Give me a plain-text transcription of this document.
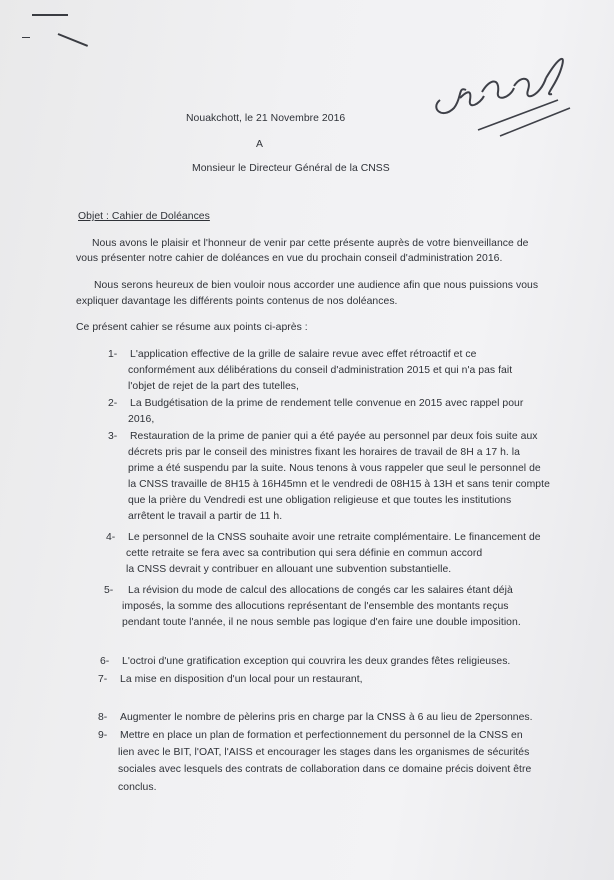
Nouakchott, le 21 Novembre 2016
A
Monsieur le Directeur Général de la CNSS
Objet : Cahier de Doléances
Nous avons le plaisir et l'honneur de venir par cette présente auprès de votre bienveillance de
vous présenter notre cahier de doléances en vue du prochain conseil d'administration 2016.
Nous serons heureux de bien vouloir nous accorder une audience afin que nous puissions vous
expliquer davantage les différents points contenus de nos doléances.
Ce présent cahier se résume aux points ci-après :
1- L'application effective de la grille de salaire revue avec effet rétroactif et ce
conformément aux délibérations du conseil d'administration 2015 et qui n'a pas fait
l'objet de rejet de la part des tutelles,
2- La Budgétisation de la prime de rendement telle convenue en 2015 avec rappel pour
2016,
3- Restauration de la prime de panier qui a été payée au personnel par deux fois suite aux
décrets pris par le conseil des ministres fixant les horaires de travail de 8H a 17 h. la
prime a été suspendu par la suite. Nous tenons à vous rappeler que seul le personnel de
la CNSS travaille de 8H15 à 16H45mn et le vendredi de 08H15 à 13H et sans tenir compte
que la prière du Vendredi est une obligation religieuse et que toutes les institutions
arrêtent le travail a partir de 11 h.
4- Le personnel de la CNSS souhaite avoir une retraite complémentaire. Le financement de
cette retraite se fera avec sa contribution qui sera définie en commun accord
la CNSS devrait y contribuer en allouant une subvention substantielle.
5- La révision du mode de calcul des allocations de congés car les salaires étant déjà
imposés, la somme des allocutions représentant de l'ensemble des montants reçus
pendant toute l'année, il ne nous semble pas logique d'en faire une double imposition.
6- L'octroi d'une gratification exception qui couvrira les deux grandes fêtes religieuses.
7- La mise en disposition d'un local pour un restaurant,
8- Augmenter le nombre de pèlerins pris en charge par la CNSS à 6 au lieu de 2personnes.
9- Mettre en place un plan de formation et perfectionnement du personnel de la CNSS en
lien avec le BIT, l'OAT, l'AISS et encourager les stages dans les organismes de sécurités
sociales avec lesquels des contrats de collaboration dans ce domaine précis doivent être
conclus.
